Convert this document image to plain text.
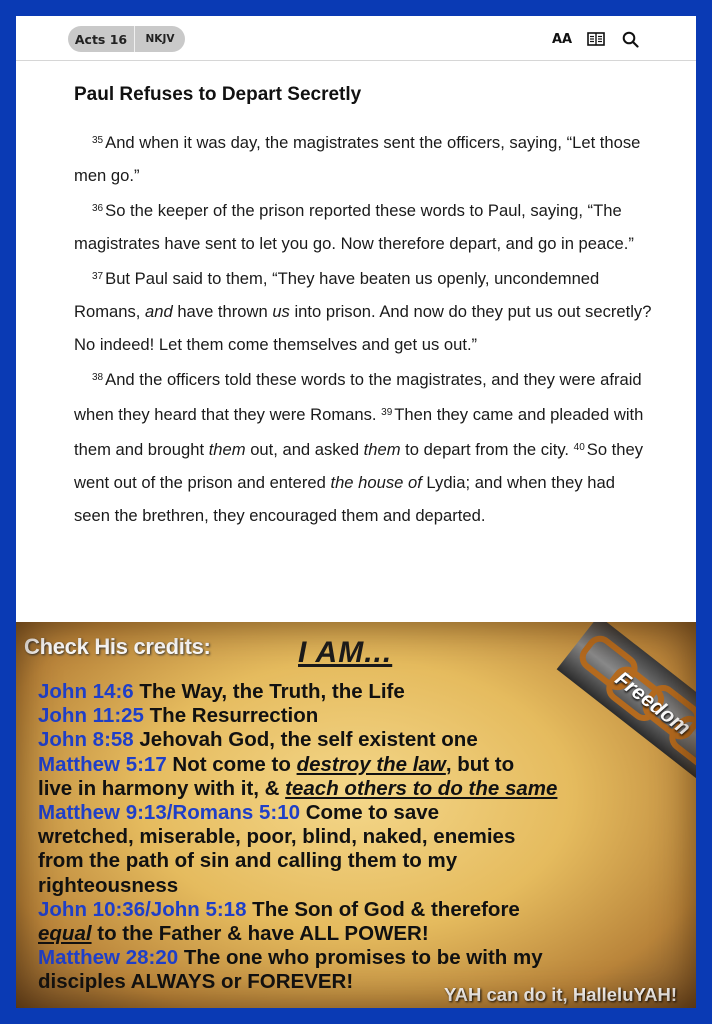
Acts 16	NKJV	AA
Paul Refuses to Depart Secretly

$^{35}$ And when it was day, the magistrates sent the officers, saying, “Let those men go.”

$^{36}$ So the keeper of the prison reported these words to Paul, saying, “The magistrates have sent to let you go. Now therefore depart, and go in peace.”

$^{37}$ But Paul said to them, “They have beaten us openly, uncondemned Romans, and have thrown us into prison. And now do they put us out secretly? No indeed! Let them come themselves and get us out.”

$^{38}$ And the officers told these words to the magistrates, and they were afraid when they heard that they were Romans. $^{39}$ Then they came and pleaded with them and brought them out, and asked them to depart from the city. $^{40}$ So they went out of the prison and entered the house of Lydia; and when they had seen the brethren, they encouraged them and departed.

Freedom
Check His credits:	I AM...
John 14:6 The Way, the Truth, the Life
John 11:25 The Resurrection
John 8:58 Jehovah God, the self existent one
Matthew 5:17 Not come to destroy the law, but to
live in harmony with it, & teach others to do the same
Matthew 9:13/Romans 5:10 Come to save
wretched, miserable, poor, blind, naked, enemies
from the path of sin and calling them to my
righteousness
John 10:36/John 5:18 The Son of God & therefore
equal to the Father & have ALL POWER!
Matthew 28:20 The one who promises to be with my
disciples ALWAYS or FOREVER!
YAH can do it, HalleluYAH!
